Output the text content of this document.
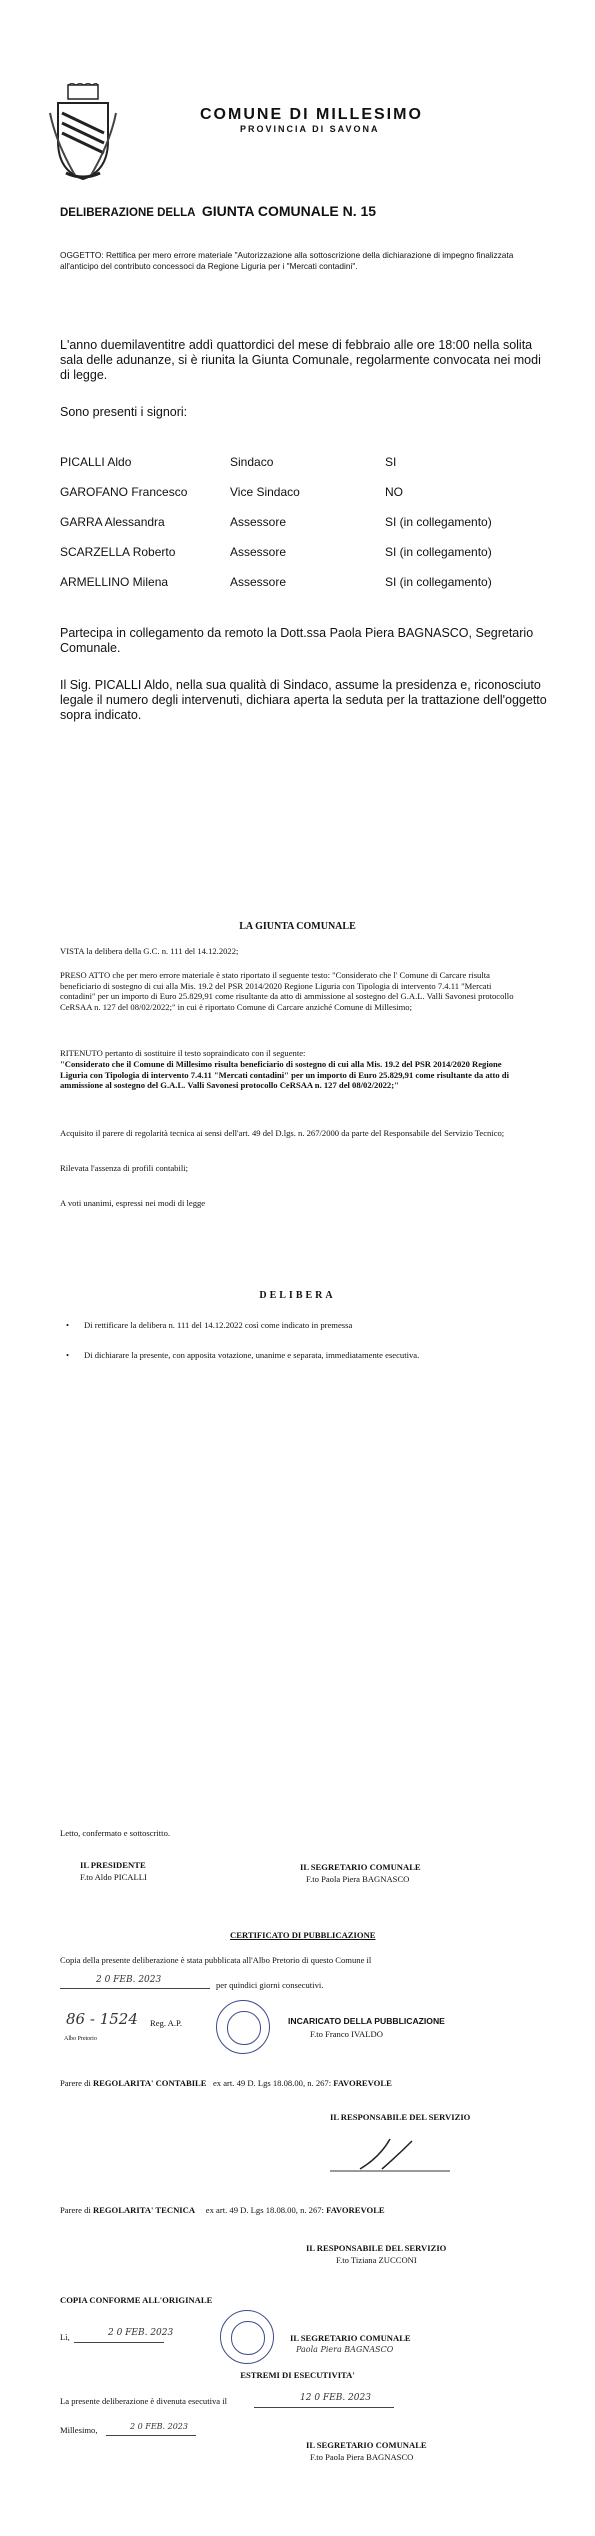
COMUNE DI MILLESIMO
PROVINCIA DI SAVONA
DELIBERAZIONE DELLA GIUNTA COMUNALE N. 15
OGGETTO: Rettifica per mero errore materiale "Autorizzazione alla sottoscrizione della dichiarazione di impegno finalizzata all'anticipo del contributo concessoci da Regione Liguria per i "Mercati contadini".
L'anno duemilaventitre addì quattordici del mese di febbraio alle ore 18:00 nella solita sala delle adunanze, si è riunita la Giunta Comunale, regolarmente convocata nei modi di legge.
Sono presenti i signori:
PICALLI Aldo	Sindaco	SI
GAROFANO Francesco	Vice Sindaco	NO
GARRA Alessandra	Assessore	SI (in collegamento)
SCARZELLA Roberto	Assessore	SI (in collegamento)
ARMELLINO Milena	Assessore	SI (in collegamento)
Partecipa in collegamento da remoto la Dott.ssa Paola Piera BAGNASCO, Segretario Comunale.
Il Sig. PICALLI Aldo, nella sua qualità di Sindaco, assume la presidenza e, riconosciuto legale il numero degli intervenuti, dichiara aperta la seduta per la trattazione dell'oggetto sopra indicato.
LA GIUNTA COMUNALE
VISTA la delibera della G.C. n. 111 del 14.12.2022;
PRESO ATTO che per mero errore materiale è stato riportato il seguente testo: "Considerato che l' Comune di Carcare risulta beneficiario di sostegno di cui alla Mis. 19.2 del PSR 2014/2020 Regione Liguria con Tipologia di intervento 7.4.11 "Mercati contadini" per un importo di Euro 25.829,91 come risultante da atto di ammissione al sostegno del G.A.L. Valli Savonesi protocollo CeRSAA n. 127 del 08/02/2022;" in cui è riportato Comune di Carcare anziché Comune di Millesimo;
RITENUTO pertanto di sostituire il testo sopraindicato con il seguente:
"Considerato che il Comune di Millesimo risulta beneficiario di sostegno di cui alla Mis. 19.2 del PSR 2014/2020 Regione Liguria con Tipologia di intervento 7.4.11 "Mercati contadini" per un importo di Euro 25.829,91 come risultante da atto di ammissione al sostegno del G.A.L. Valli Savonesi protocollo CeRSAA n. 127 del 08/02/2022;"
Acquisito il parere di regolarità tecnica ai sensi dell'art. 49 del D.lgs. n. 267/2000 da parte del Responsabile del Servizio Tecnico;
Rilevata l'assenza di profili contabili;
A voti unanimi, espressi nei modi di legge
DELIBERA
• Di rettificare la delibera n. 111 del 14.12.2022 così come indicato in premessa
• Di dichiarare la presente, con apposita votazione, unanime e separata, immediatamente esecutiva.
Letto, confermato e sottoscritto.
IL PRESIDENTE
F.to Aldo PICALLI
IL SEGRETARIO COMUNALE
F.to Paola Piera BAGNASCO
CERTIFICATO DI PUBBLICAZIONE
Copia della presente deliberazione è stata pubblicata all'Albo Pretorio di questo Comune il
2 0 FEB. 2023	per quindici giorni consecutivi.
86 - 1524 Reg. A.P.
Albo Pretorio
INCARICATO DELLA PUBBLICAZIONE
F.to Franco IVALDO
Parere di REGOLARITA' CONTABILE ex art. 49 D. Lgs 18.08.00, n. 267: FAVOREVOLE
IL RESPONSABILE DEL SERVIZIO
Parere di REGOLARITA' TECNICA ex art. 49 D. Lgs 18.08.00, n. 267: FAVOREVOLE
IL RESPONSABILE DEL SERVIZIO
F.to Tiziana ZUCCONI
COPIA CONFORME ALL'ORIGINALE
Lì,	2 0 FEB. 2023	IL SEGRETARIO COMUNALE
Paola Piera BAGNASCO
ESTREMI DI ESECUTIVITA'
La presente deliberazione è divenuta esecutiva il	12 0 FEB. 2023
Millesimo,	2 0 FEB. 2023
IL SEGRETARIO COMUNALE
F.to Paola Piera BAGNASCO
